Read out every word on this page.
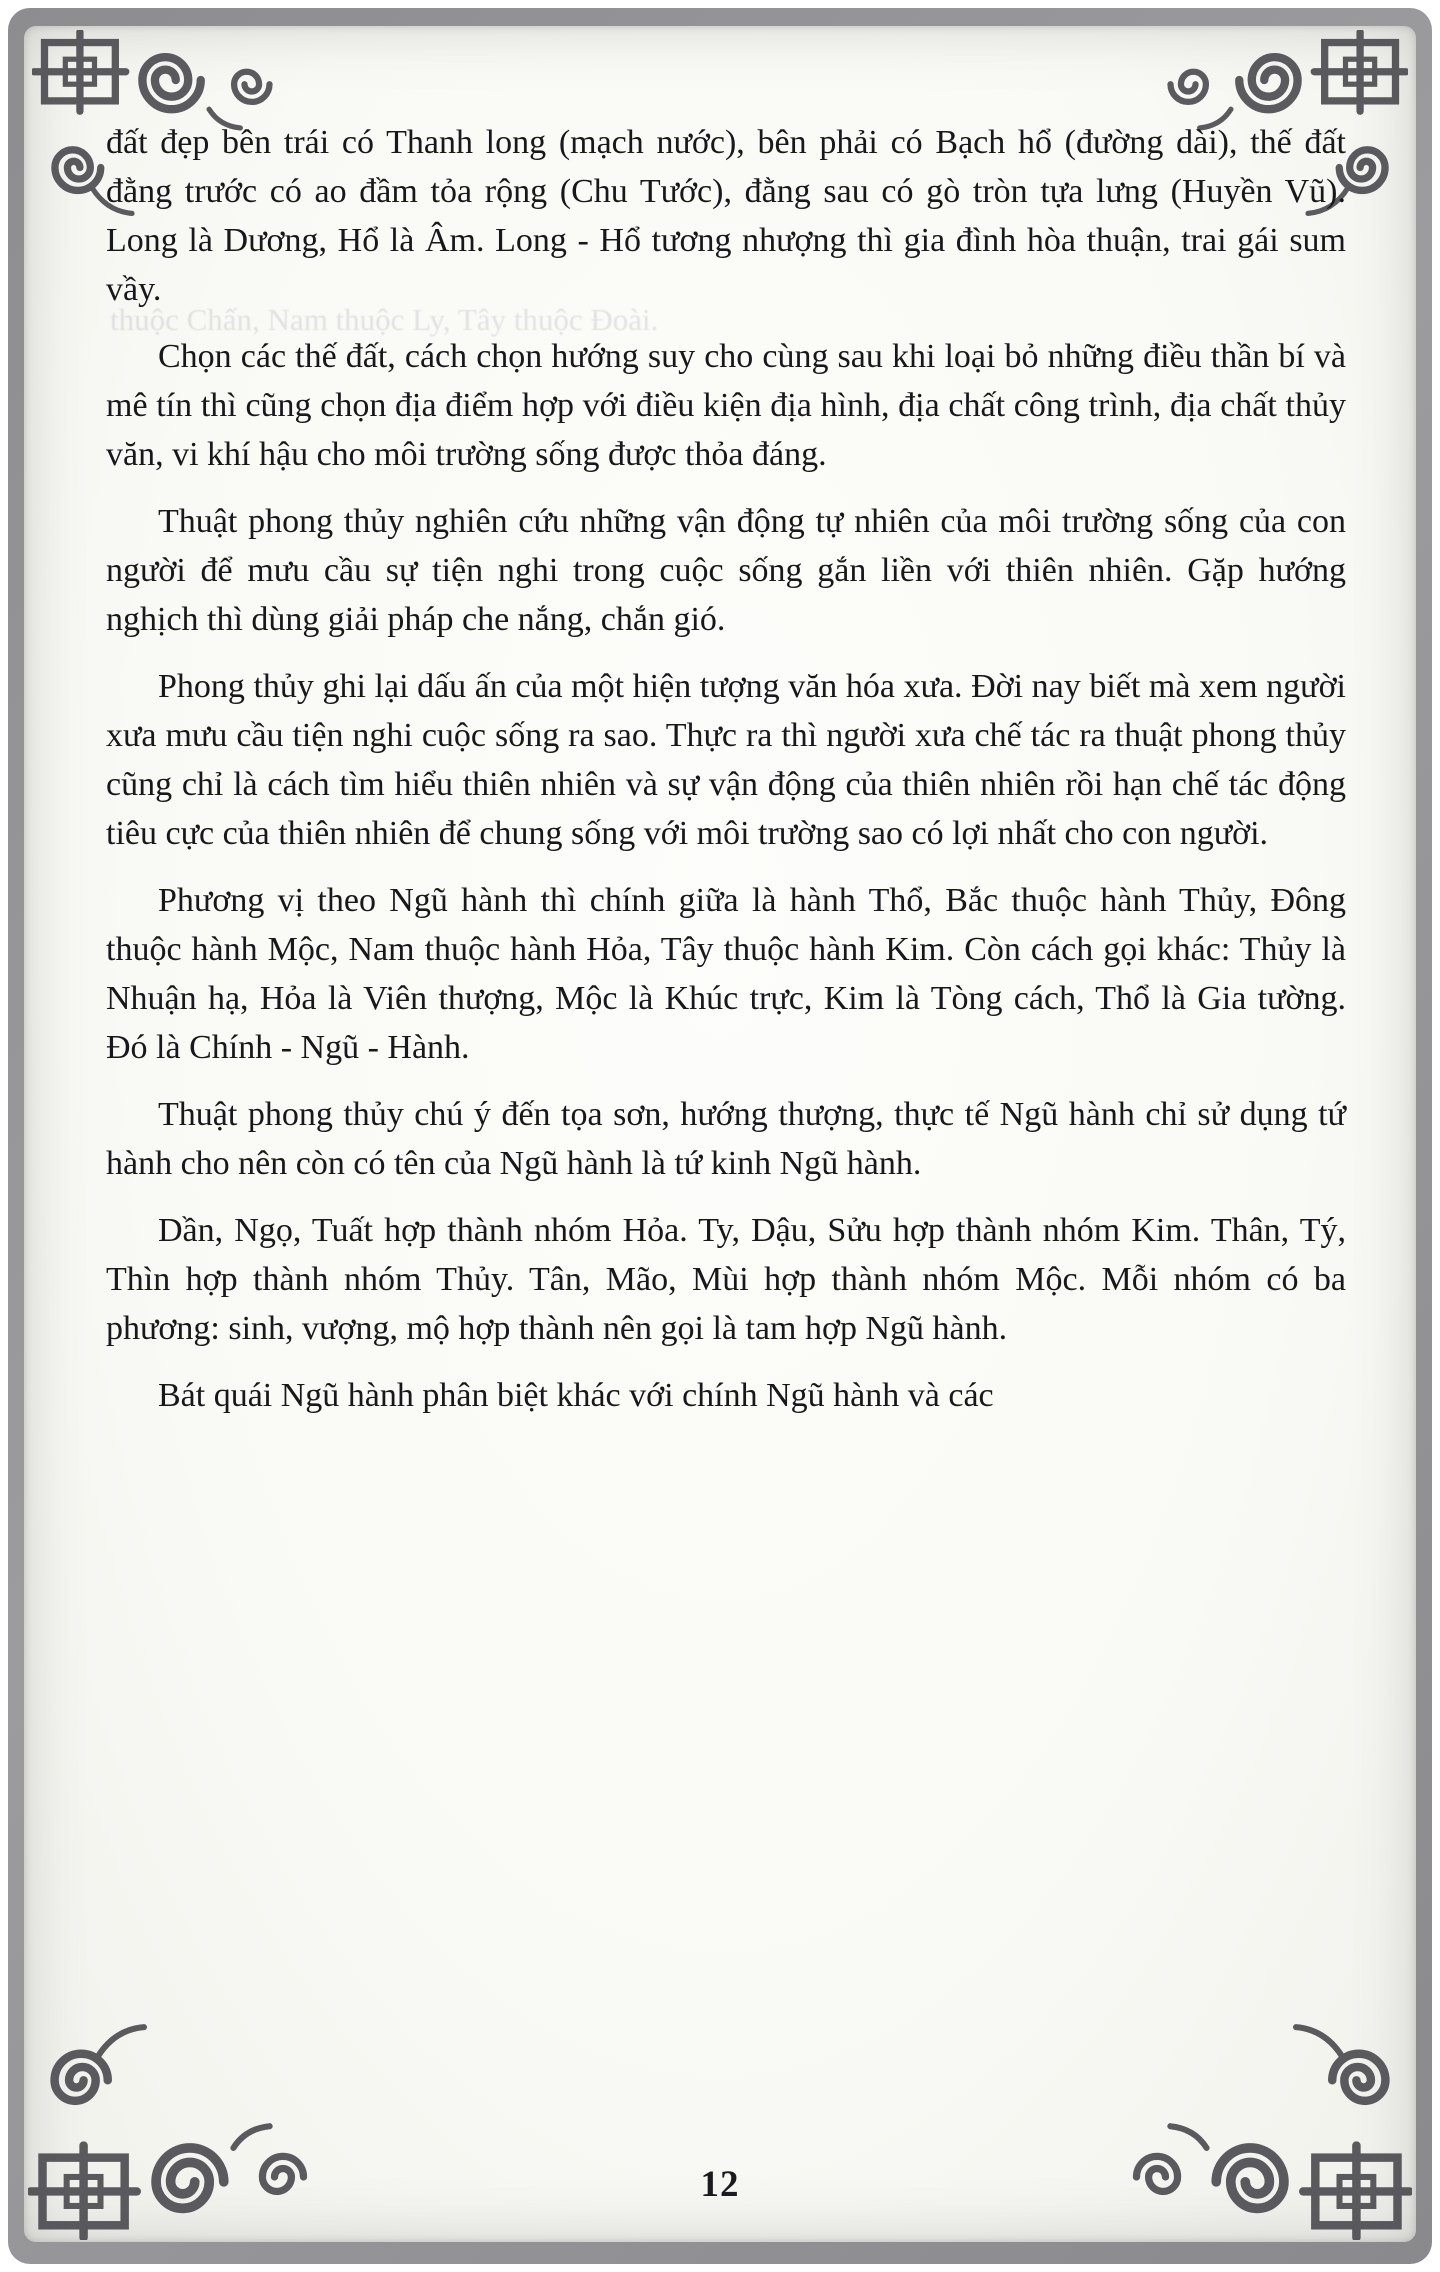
thuộc Chấn, Nam thuộc Ly, Tây thuộc Đoài.

đất đẹp bên trái có Thanh long (mạch nước), bên phải có Bạch hổ (đường dài), thế đất đằng trước có ao đầm tỏa rộng (Chu Tước), đằng sau có gò tròn tựa lưng (Huyền Vũ). Long là Dương, Hổ là Âm. Long - Hổ tương nhượng thì gia đình hòa thuận, trai gái sum vầy.

Chọn các thế đất, cách chọn hướng suy cho cùng sau khi loại bỏ những điều thần bí và mê tín thì cũng chọn địa điểm hợp với điều kiện địa hình, địa chất công trình, địa chất thủy văn, vi khí hậu cho môi trường sống được thỏa đáng.

Thuật phong thủy nghiên cứu những vận động tự nhiên của môi trường sống của con người để mưu cầu sự tiện nghi trong cuộc sống gắn liền với thiên nhiên. Gặp hướng nghịch thì dùng giải pháp che nắng, chắn gió.

Phong thủy ghi lại dấu ấn của một hiện tượng văn hóa xưa. Đời nay biết mà xem người xưa mưu cầu tiện nghi cuộc sống ra sao. Thực ra thì người xưa chế tác ra thuật phong thủy cũng chỉ là cách tìm hiểu thiên nhiên và sự vận động của thiên nhiên rồi hạn chế tác động tiêu cực của thiên nhiên để chung sống với môi trường sao có lợi nhất cho con người.

Phương vị theo Ngũ hành thì chính giữa là hành Thổ, Bắc thuộc hành Thủy, Đông thuộc hành Mộc, Nam thuộc hành Hỏa, Tây thuộc hành Kim. Còn cách gọi khác: Thủy là Nhuận hạ, Hỏa là Viên thượng, Mộc là Khúc trực, Kim là Tòng cách, Thổ là Gia tường. Đó là Chính - Ngũ - Hành.

Thuật phong thủy chú ý đến tọa sơn, hướng thượng, thực tế Ngũ hành chỉ sử dụng tứ hành cho nên còn có tên của Ngũ hành là tứ kinh Ngũ hành.

Dần, Ngọ, Tuất hợp thành nhóm Hỏa. Ty, Dậu, Sửu hợp thành nhóm Kim. Thân, Tý, Thìn hợp thành nhóm Thủy. Tân, Mão, Mùi hợp thành nhóm Mộc. Mỗi nhóm có ba phương: sinh, vượng, mộ hợp thành nên gọi là tam hợp Ngũ hành.

Bát quái Ngũ hành phân biệt khác với chính Ngũ hành và các

12
